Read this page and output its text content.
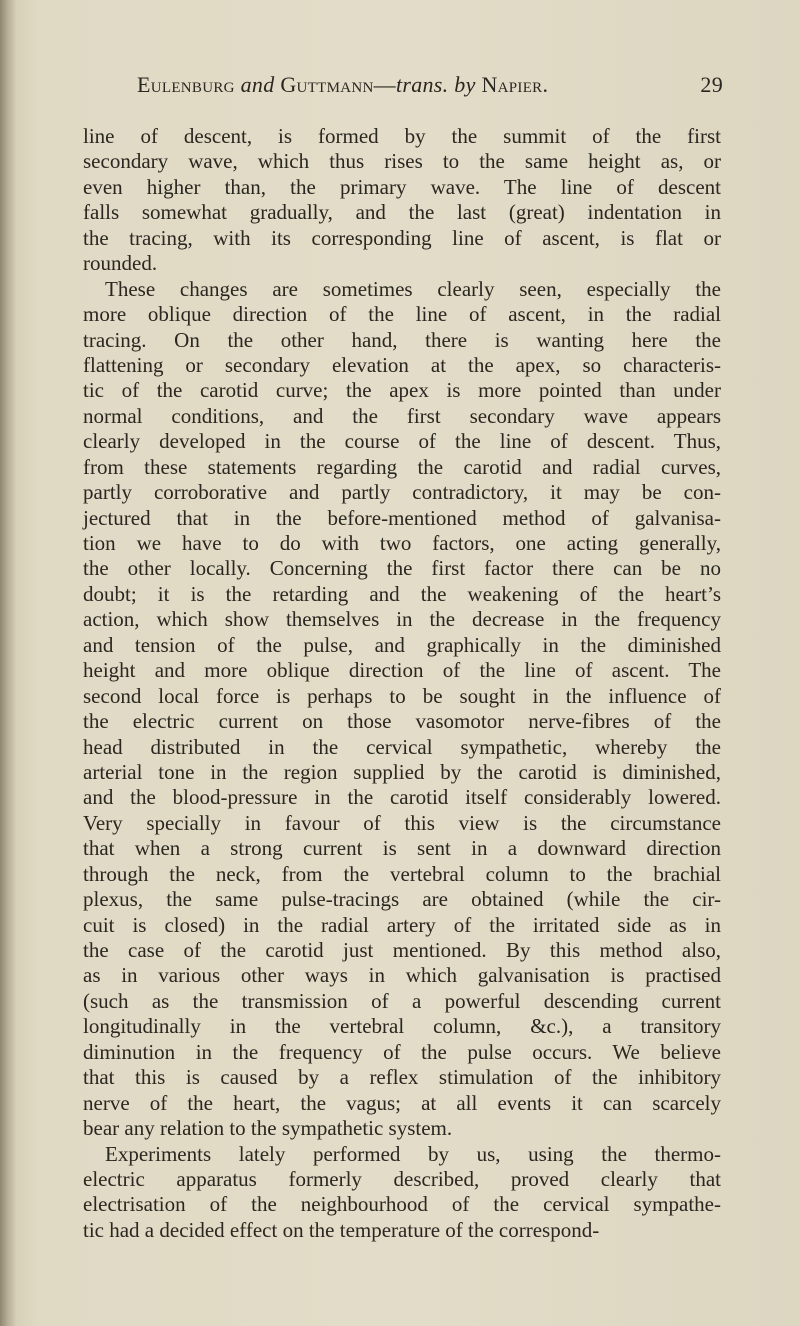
Eulenburg and Guttmann—trans. by Napier.	29

line of descent, is formed by the summit of the first
secondary wave, which thus rises to the same height as, or
even higher than, the primary wave. The line of descent
falls somewhat gradually, and the last (great) indentation in
the tracing, with its corresponding line of ascent, is flat or
rounded.

These changes are sometimes clearly seen, especially the
more oblique direction of the line of ascent, in the radial
tracing. On the other hand, there is wanting here the
flattening or secondary elevation at the apex, so characteris-
tic of the carotid curve; the apex is more pointed than under
normal conditions, and the first secondary wave appears
clearly developed in the course of the line of descent. Thus,
from these statements regarding the carotid and radial curves,
partly corroborative and partly contradictory, it may be con-
jectured that in the before-mentioned method of galvanisa-
tion we have to do with two factors, one acting generally,
the other locally. Concerning the first factor there can be no
doubt; it is the retarding and the weakening of the heart’s
action, which show themselves in the decrease in the frequency
and tension of the pulse, and graphically in the diminished
height and more oblique direction of the line of ascent. The
second local force is perhaps to be sought in the influence of
the electric current on those vasomotor nerve-fibres of the
head distributed in the cervical sympathetic, whereby the
arterial tone in the region supplied by the carotid is diminished,
and the blood-pressure in the carotid itself considerably lowered.
Very specially in favour of this view is the circumstance
that when a strong current is sent in a downward direction
through the neck, from the vertebral column to the brachial
plexus, the same pulse-tracings are obtained (while the cir-
cuit is closed) in the radial artery of the irritated side as in
the case of the carotid just mentioned. By this method also,
as in various other ways in which galvanisation is practised
(such as the transmission of a powerful descending current
longitudinally in the vertebral column, &c.), a transitory
diminution in the frequency of the pulse occurs. We believe
that this is caused by a reflex stimulation of the inhibitory
nerve of the heart, the vagus; at all events it can scarcely
bear any relation to the sympathetic system.

Experiments lately performed by us, using the thermo-
electric apparatus formerly described, proved clearly that
electrisation of the neighbourhood of the cervical sympathe-
tic had a decided effect on the temperature of the correspond-
